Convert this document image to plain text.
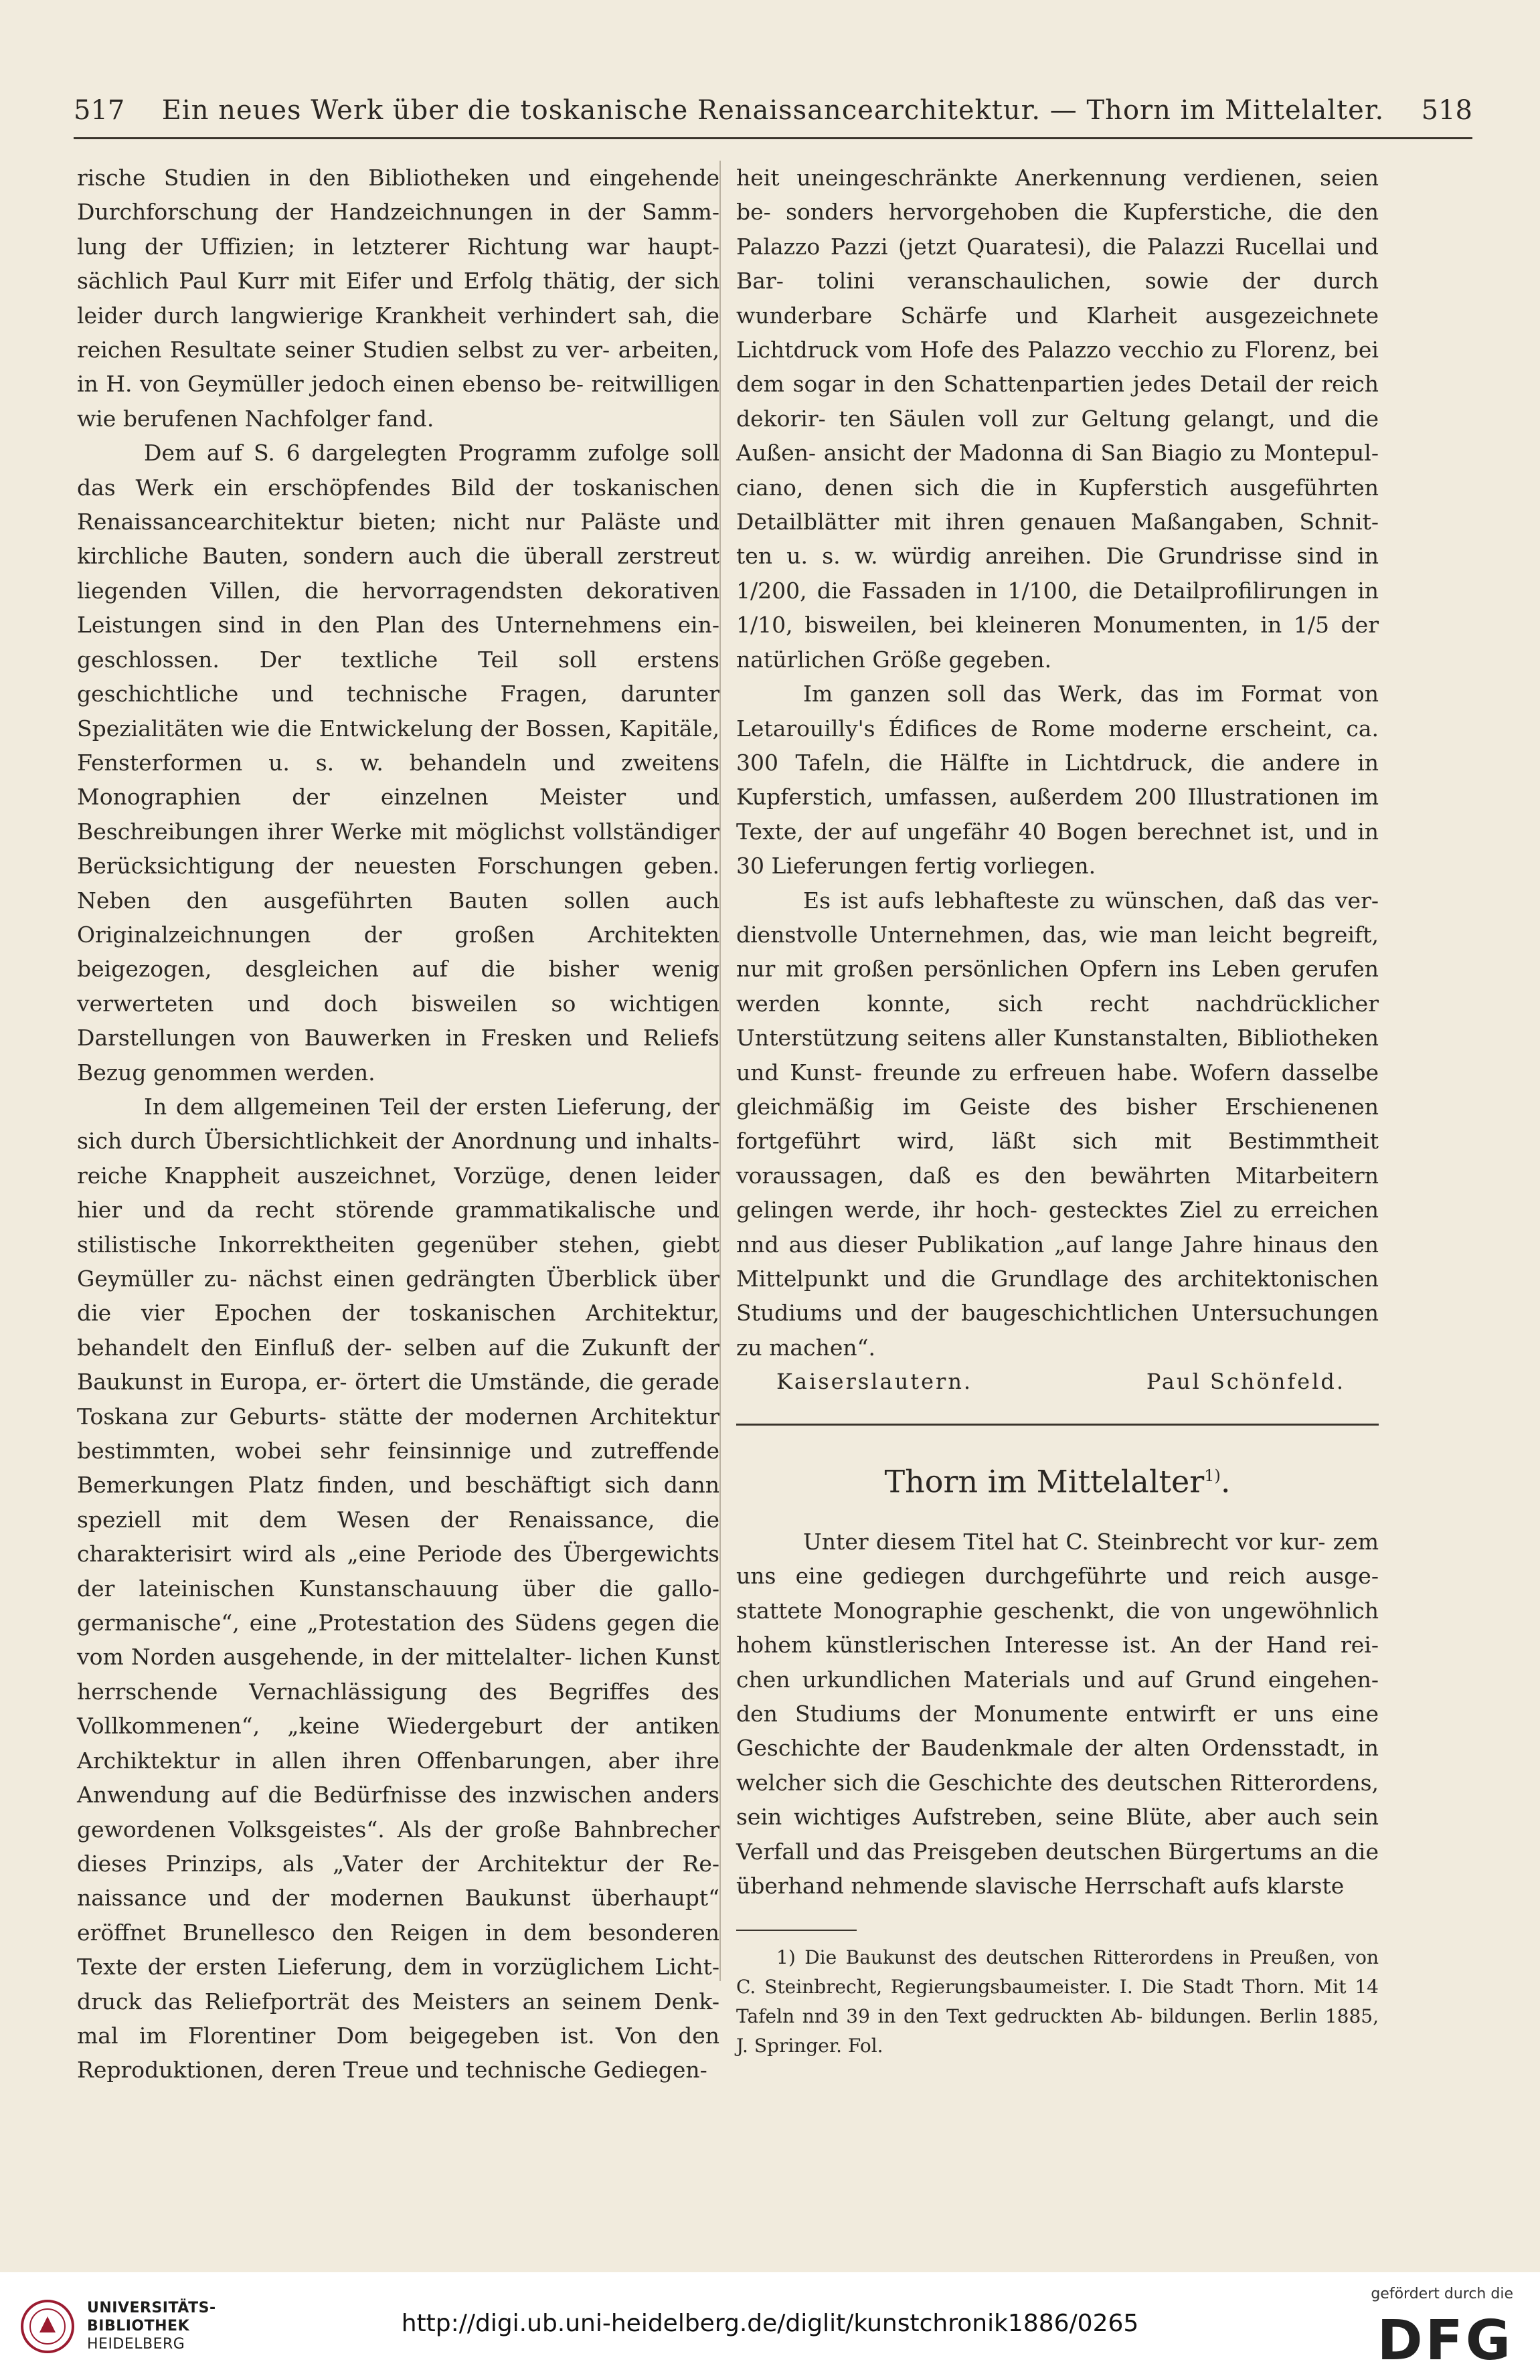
517	Ein neues Werk über die toskanische Renaissancearchitektur. — Thorn im Mittelalter.	518

rische Studien in den Bibliotheken und eingehende Durchforschung der Handzeichnungen in der Samm- lung der Uffizien; in letzterer Richtung war haupt- sächlich Paul Kurr mit Eifer und Erfolg thätig, der sich leider durch langwierige Krankheit verhindert sah, die reichen Resultate seiner Studien selbst zu ver- arbeiten, in H. von Geymüller jedoch einen ebenso be- reitwilligen wie berufenen Nachfolger fand.

Dem auf S. 6 dargelegten Programm zufolge soll das Werk ein erschöpfendes Bild der toskanischen Renaissancearchitektur bieten; nicht nur Paläste und kirchliche Bauten, sondern auch die überall zerstreut liegenden Villen, die hervorragendsten dekorativen Leistungen sind in den Plan des Unternehmens ein- geschlossen. Der textliche Teil soll erstens geschichtliche und technische Fragen, darunter Spezialitäten wie die Entwickelung der Bossen, Kapitäle, Fensterformen u. s. w. behandeln und zweitens Monographien der einzelnen Meister und Beschreibungen ihrer Werke mit möglichst vollständiger Berücksichtigung der neuesten Forschungen geben. Neben den ausgeführten Bauten sollen auch Originalzeichnungen der großen Architekten beigezogen, desgleichen auf die bisher wenig verwerteten und doch bisweilen so wichtigen Darstellungen von Bauwerken in Fresken und Reliefs Bezug genommen werden.

In dem allgemeinen Teil der ersten Lieferung, der sich durch Übersichtlichkeit der Anordnung und inhalts- reiche Knappheit auszeichnet, Vorzüge, denen leider hier und da recht störende grammatikalische und stilistische Inkorrektheiten gegenüber stehen, giebt Geymüller zu- nächst einen gedrängten Überblick über die vier Epochen der toskanischen Architektur, behandelt den Einfluß der- selben auf die Zukunft der Baukunst in Europa, er- örtert die Umstände, die gerade Toskana zur Geburts- stätte der modernen Architektur bestimmten, wobei sehr feinsinnige und zutreffende Bemerkungen Platz finden, und beschäftigt sich dann speziell mit dem Wesen der Renaissance, die charakterisirt wird als „eine Periode des Übergewichts der lateinischen Kunstanschauung über die gallo-germanische“, eine „Protestation des Südens gegen die vom Norden ausgehende, in der mittelalter- lichen Kunst herrschende Vernachlässigung des Begriffes des Vollkommenen“, „keine Wiedergeburt der antiken Archiktektur in allen ihren Offenbarungen, aber ihre Anwendung auf die Bedürfnisse des inzwischen anders gewordenen Volksgeistes“. Als der große Bahnbrecher dieses Prinzips, als „Vater der Architektur der Re- naissance und der modernen Baukunst überhaupt“ eröffnet Brunellesco den Reigen in dem besonderen Texte der ersten Lieferung, dem in vorzüglichem Licht- druck das Reliefporträt des Meisters an seinem Denk- mal im Florentiner Dom beigegeben ist. Von den Reproduktionen, deren Treue und technische Gediegen-

heit uneingeschränkte Anerkennung verdienen, seien be- sonders hervorgehoben die Kupferstiche, die den Palazzo Pazzi (jetzt Quaratesi), die Palazzi Rucellai und Bar- tolini veranschaulichen, sowie der durch wunderbare Schärfe und Klarheit ausgezeichnete Lichtdruck vom Hofe des Palazzo vecchio zu Florenz, bei dem sogar in den Schattenpartien jedes Detail der reich dekorir- ten Säulen voll zur Geltung gelangt, und die Außen- ansicht der Madonna di San Biagio zu Montepul- ciano, denen sich die in Kupferstich ausgeführten Detailblätter mit ihren genauen Maßangaben, Schnit- ten u. s. w. würdig anreihen. Die Grundrisse sind in 1/200, die Fassaden in 1/100, die Detailprofilirungen in 1/10, bisweilen, bei kleineren Monumenten, in 1/5 der natürlichen Größe gegeben.

Im ganzen soll das Werk, das im Format von Letarouilly's Édifices de Rome moderne erscheint, ca. 300 Tafeln, die Hälfte in Lichtdruck, die andere in Kupferstich, umfassen, außerdem 200 Illustrationen im Texte, der auf ungefähr 40 Bogen berechnet ist, und in 30 Lieferungen fertig vorliegen.

Es ist aufs lebhafteste zu wünschen, daß das ver- dienstvolle Unternehmen, das, wie man leicht begreift, nur mit großen persönlichen Opfern ins Leben gerufen werden konnte, sich recht nachdrücklicher Unterstützung seitens aller Kunstanstalten, Bibliotheken und Kunst- freunde zu erfreuen habe. Wofern dasselbe gleichmäßig im Geiste des bisher Erschienenen fortgeführt wird, läßt sich mit Bestimmtheit voraussagen, daß es den bewährten Mitarbeitern gelingen werde, ihr hoch- gestecktes Ziel zu erreichen nnd aus dieser Publikation „auf lange Jahre hinaus den Mittelpunkt und die Grundlage des architektonischen Studiums und der baugeschichtlichen Untersuchungen zu machen“.

Kaiserslautern.	Paul Schönfeld.
Thorn im Mittelalter$^{1)}$.

Unter diesem Titel hat C. Steinbrecht vor kur- zem uns eine gediegen durchgeführte und reich ausge- stattete Monographie geschenkt, die von ungewöhnlich hohem künstlerischen Interesse ist. An der Hand rei- chen urkundlichen Materials und auf Grund eingehen- den Studiums der Monumente entwirft er uns eine Geschichte der Baudenkmale der alten Ordensstadt, in welcher sich die Geschichte des deutschen Ritterordens, sein wichtiges Aufstreben, seine Blüte, aber auch sein Verfall und das Preisgeben deutschen Bürgertums an die überhand nehmende slavische Herrschaft aufs klarste

1) Die Baukunst des deutschen Ritterordens in Preußen, von C. Steinbrecht, Regierungsbaumeister. I. Die Stadt Thorn. Mit 14 Tafeln nnd 39 in den Text gedruckten Ab- bildungen. Berlin 1885, J. Springer. Fol.

UNIVERSITÄTS-
BIBLIOTHEK
HEIDELBERG
http://digi.ub.uni-heidelberg.de/diglit/kunstchronik1886/0265
gefördert durch die
DFG
